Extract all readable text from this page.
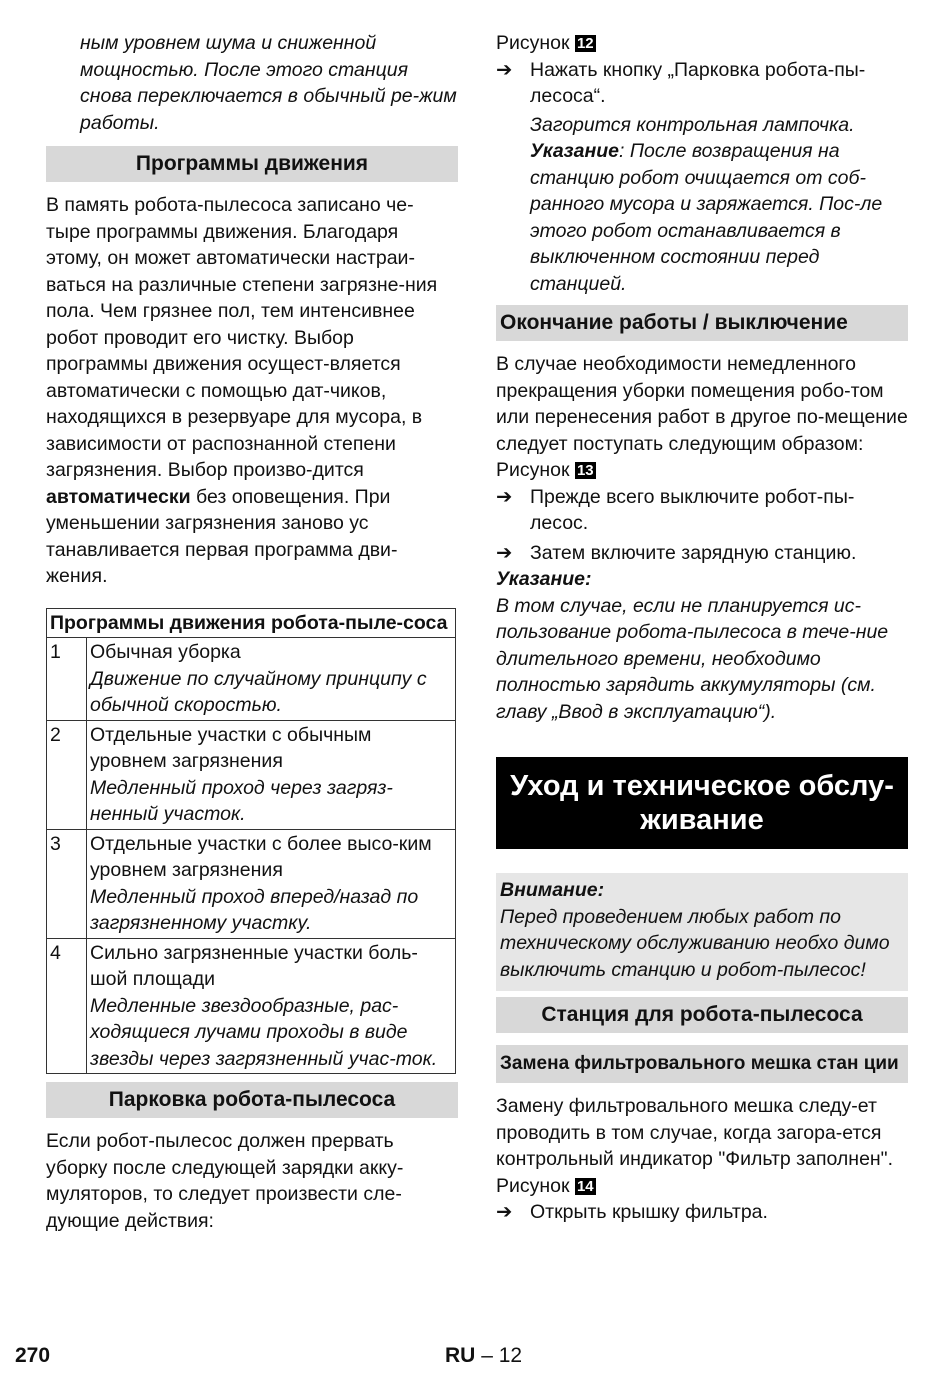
ным уровнем шума и сниженной мощностью. После этого станция снова переключается в обычный ре-жим работы.

Программы движения

В память робота-пылесоса записано че-тыре программы движения. Благодаря этому, он может автоматически настраи-ваться на различные степени загрязне-ния пола. Чем грязнее пол, тем интенсивнее робот проводит его чистку. Выбор программы движения осущест-вляется автоматически с помощью дат-чиков, находящихся в резервуаре для мусора, в зависимости от распознанной степени загрязнения. Выбор произво-дится автоматически без оповещения. При уменьшении загрязнения заново ус танавливается первая программа дви-жения.

Программы движения робота-пыле-соса	
1	Обычная уборка
Движение по случайному принципу с обычной скоростью.

2	Отдельные участки с обычным уровнем загрязнения
Медленный проход через загряз-ненный участок.

3	Отдельные участки с более высо-ким уровнем загрязнения
Медленный проход вперед/назад по загрязненному участку.

4	Сильно загрязненные участки боль-шой площади
Медленные звездообразные, рас-ходящиеся лучами проходы в виде звезды через загрязненный учас-ток.
Парковка робота-пылесоса

Если робот-пылесос должен прервать уборку после следующей зарядки акку-муляторов, то следует произвести сле-дующие действия:

Рисунок 12

➔ Нажать кнопку „Парковка робота-пы-лесоса“.

Загорится контрольная лампочка.

Указание: После возвращения на станцию робот очищается от соб-ранного мусора и заряжается. Пос-ле этого робот останавливается в выключенном состоянии перед станцией.

Окончание работы / выключение

В случае необходимости немедленного прекращения уборки помещения робо-том или перенесения работ в другое по-мещение следует поступать следующим образом:

Рисунок 13

➔ Прежде всего выключите робот-пы-лесос.
➔ Затем включите зарядную станцию.

Указание:

В том случае, если не планируется ис-пользование робота-пылесоса в тече-ние длительного времени, необходимо полностью зарядить аккумуляторы (см. главу „Ввод в эксплуатацию“).

Уход и техническое обслу-живание

Внимание:

Перед проведением любых работ по техническому обслуживанию необхо димо выключить станцию и робот-пылесос!

Станция для робота-пылесоса
Замена фильтровального мешка стан ции

Замену фильтровального мешка следу-ет проводить в том случае, когда загора-ется контрольный индикатор "Фильтр заполнен".

Рисунок 14

➔ Открыть крышку фильтра.
270	RU – 12
